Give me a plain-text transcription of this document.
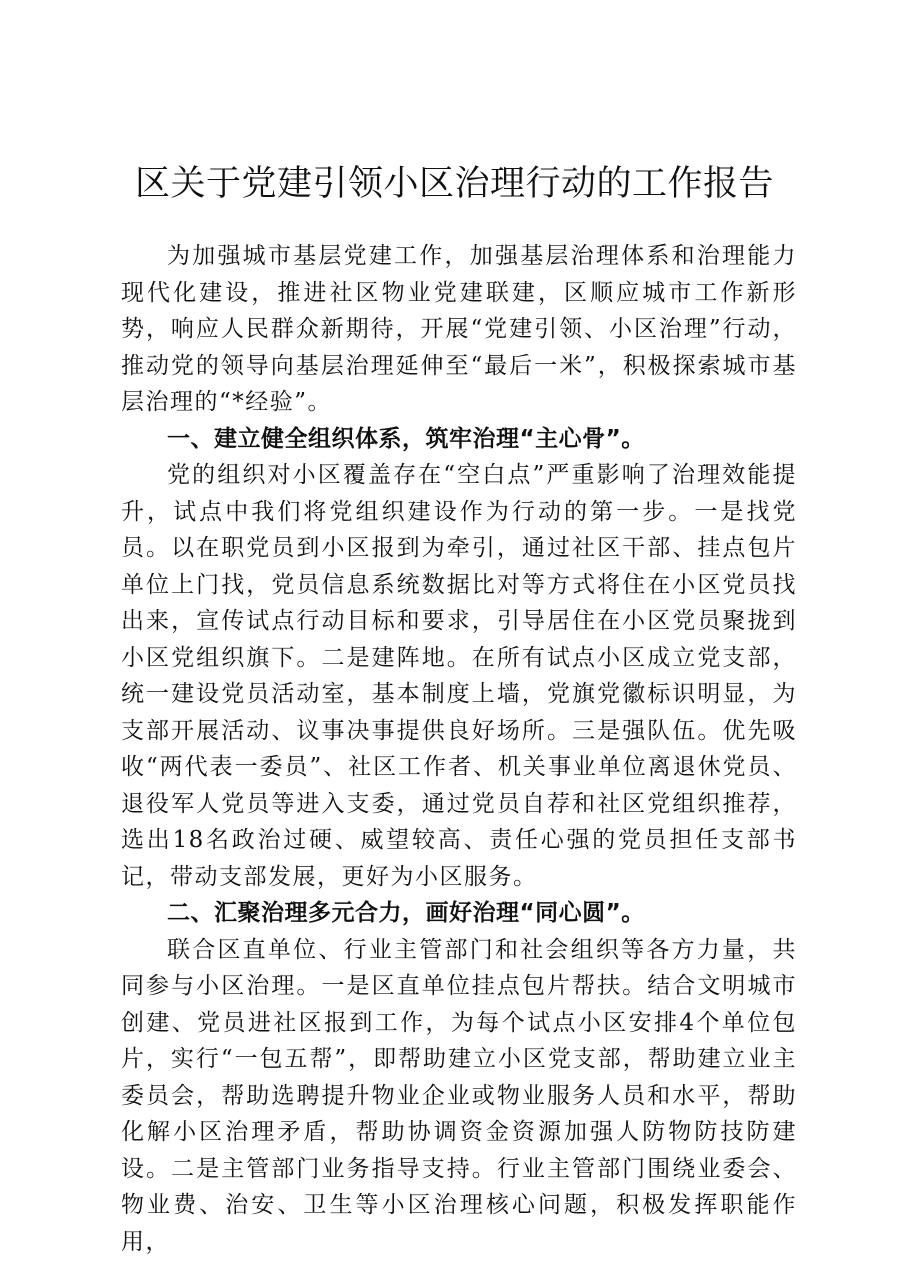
区关于党建引领小区治理行动的工作报告

为加强城市基层党建工作，加强基层治理体系和治理能力现代化建设，推进社区物业党建联建，区顺应城市工作新形势，响应人民群众新期待，开展“党建引领、小区治理”行动，推动党的领导向基层治理延伸至“最后一米”，积极探索城市基层治理的“*经验”。

一、建立健全组织体系，筑牢治理“主心骨”。

党的组织对小区覆盖存在“空白点”严重影响了治理效能提升，试点中我们将党组织建设作为行动的第一步。一是找党员。以在职党员到小区报到为牵引，通过社区干部、挂点包片单位上门找，党员信息系统数据比对等方式将住在小区党员找出来，宣传试点行动目标和要求，引导居住在小区党员聚拢到小区党组织旗下。二是建阵地。在所有试点小区成立党支部，统一建设党员活动室，基本制度上墙，党旗党徽标识明显，为支部开展活动、议事决事提供良好场所。三是强队伍。优先吸收“两代表一委员”、社区工作者、机关事业单位离退休党员、退役军人党员等进入支委，通过党员自荐和社区党组织推荐，选出18名政治过硬、威望较高、责任心强的党员担任支部书记，带动支部发展，更好为小区服务。

二、汇聚治理多元合力，画好治理“同心圆”。

联合区直单位、行业主管部门和社会组织等各方力量，共同参与小区治理。一是区直单位挂点包片帮扶。结合文明城市创建、党员进社区报到工作，为每个试点小区安排4个单位包片，实行“一包五帮”，即帮助建立小区党支部，帮助建立业主委员会，帮助选聘提升物业企业或物业服务人员和水平，帮助化解小区治理矛盾，帮助协调资金资源加强人防物防技防建设。二是主管部门业务指导支持。行业主管部门围绕业委会、物业费、治安、卫生等小区治理核心问题，积极发挥职能作用，
